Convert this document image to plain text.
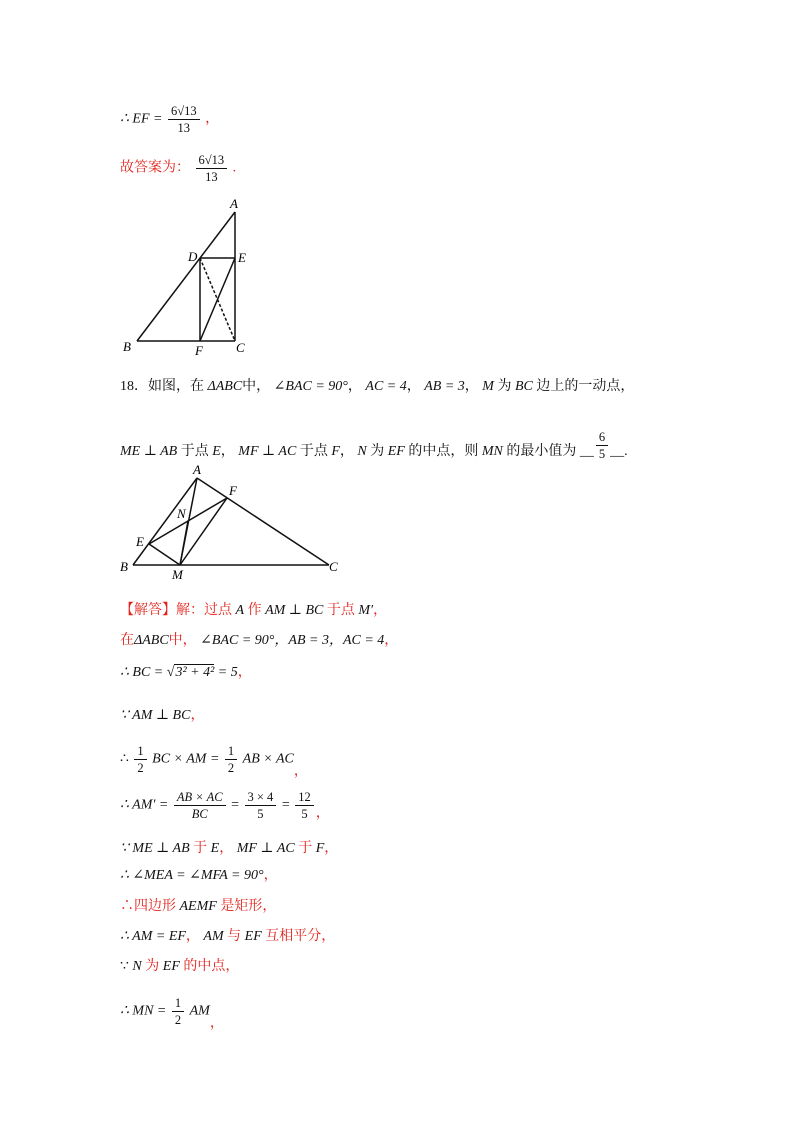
∴ EF = $\frac{6√13}{13}$ ，
故答案为： $\frac{6√13}{13}$ .
A
D	E
B	F	C
18．如图，在 ΔABC中， ∠BAC = 90°， AC = 4， AB = 3， M 为 BC 边上的一动点，
ME ⊥ AB 于点 E， MF ⊥ AC 于点 F， N 为 EF 的中点，则 MN 的最小值为 __ $\frac{6}{5}$ __.
A
F
N
E
B
M
C
【解答】解：过点 A 作 AM ⊥ BC 于点 M′，
在ΔABC中， ∠BAC = 90°，AB = 3，AC = 4，
∴ BC = √3² + 4² = 5，
∵ AM ⊥ BC，
∴ $\frac{1}{2}$ BC × AM = $\frac{1}{2}$ AB × AC，
∴ $AM' = \frac{AB \times AC}{BC} = \frac{3 \times 4}{5} = \frac{12}{5}$ ，
∵ ME ⊥ AB 于 E， MF ⊥ AC 于 F，
∴ ∠MEA = ∠MFA = 90°，
∴四边形 AEMF 是矩形，
∴ AM = EF， AM 与 EF 互相平分，
∵ N 为 EF 的中点，
∴ MN = $\frac{1}{2}$ AM，
